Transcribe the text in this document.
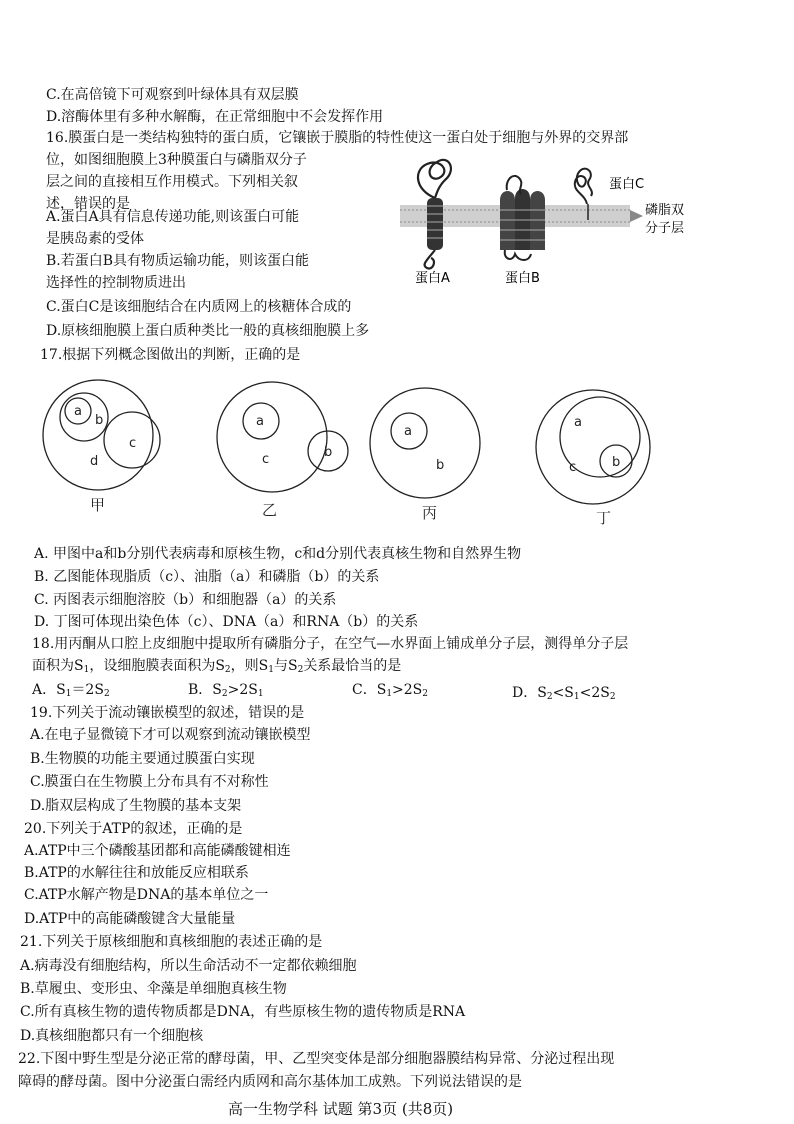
C.在高倍镜下可观察到叶绿体具有双层膜
D.溶酶体里有多种水解酶，在正常细胞中不会发挥作用
16.膜蛋白是一类结构独特的蛋白质，它镶嵌于膜脂的特性使这一蛋白处于细胞与外界的交界部
位，如图细胞膜上3种膜蛋白与磷脂双分子
层之间的直接相互作用模式。下列相关叙
述，错误的是
A.蛋白A具有信息传递功能,则该蛋白可能
是胰岛素的受体
B.若蛋白B具有物质运输功能，则该蛋白能
选择性的控制物质进出
C.蛋白C是该细胞结合在内质网上的核糖体合成的
D.原核细胞膜上蛋白质种类比一般的真核细胞膜上多
蛋白A	蛋白B
蛋白C
磷脂双
分子层
17.根据下列概念图做出的判断，正确的是
a
b
c
d
a
c	b
a
b
a
c	b
甲	乙	丙	丁
A. 甲图中a和b分别代表病毒和原核生物，c和d分别代表真核生物和自然界生物
B. 乙图能体现脂质（c）、油脂（a）和磷脂（b）的关系
C. 丙图表示细胞溶胶（b）和细胞器（a）的关系
D. 丁图可体现出染色体（c）、DNA（a）和RNA（b）的关系
18.用丙酮从口腔上皮细胞中提取所有磷脂分子，在空气—水界面上铺成单分子层，测得单分子层
面积为$S_1$，设细胞膜表面积为$S_2$，则$S_1$与$S_2$关系最恰当的是
A．$S_1=2S_2$	B．$S_2>2S_1$	C．$S_1>2S_2$	D．$S_2<S_1<2S_2$
19.下列关于流动镶嵌模型的叙述，错误的是
A.在电子显微镜下才可以观察到流动镶嵌模型
B.生物膜的功能主要通过膜蛋白实现
C.膜蛋白在生物膜上分布具有不对称性
D.脂双层构成了生物膜的基本支架
20.下列关于ATP的叙述，正确的是
A.ATP中三个磷酸基团都和高能磷酸键相连
B.ATP的水解往往和放能反应相联系
C.ATP水解产物是DNA的基本单位之一
D.ATP中的高能磷酸键含大量能量
21.下列关于原核细胞和真核细胞的表述正确的是
A.病毒没有细胞结构，所以生命活动不一定都依赖细胞
B.草履虫、变形虫、伞藻是单细胞真核生物
C.所有真核生物的遗传物质都是DNA，有些原核生物的遗传物质是RNA
D.真核细胞都只有一个细胞核
22.下图中野生型是分泌正常的酵母菌，甲、乙型突变体是部分细胞器膜结构异常、分泌过程出现
障碍的酵母菌。图中分泌蛋白需经内质网和高尔基体加工成熟。下列说法错误的是
高一生物学科 试题 第3页 (共8页)
